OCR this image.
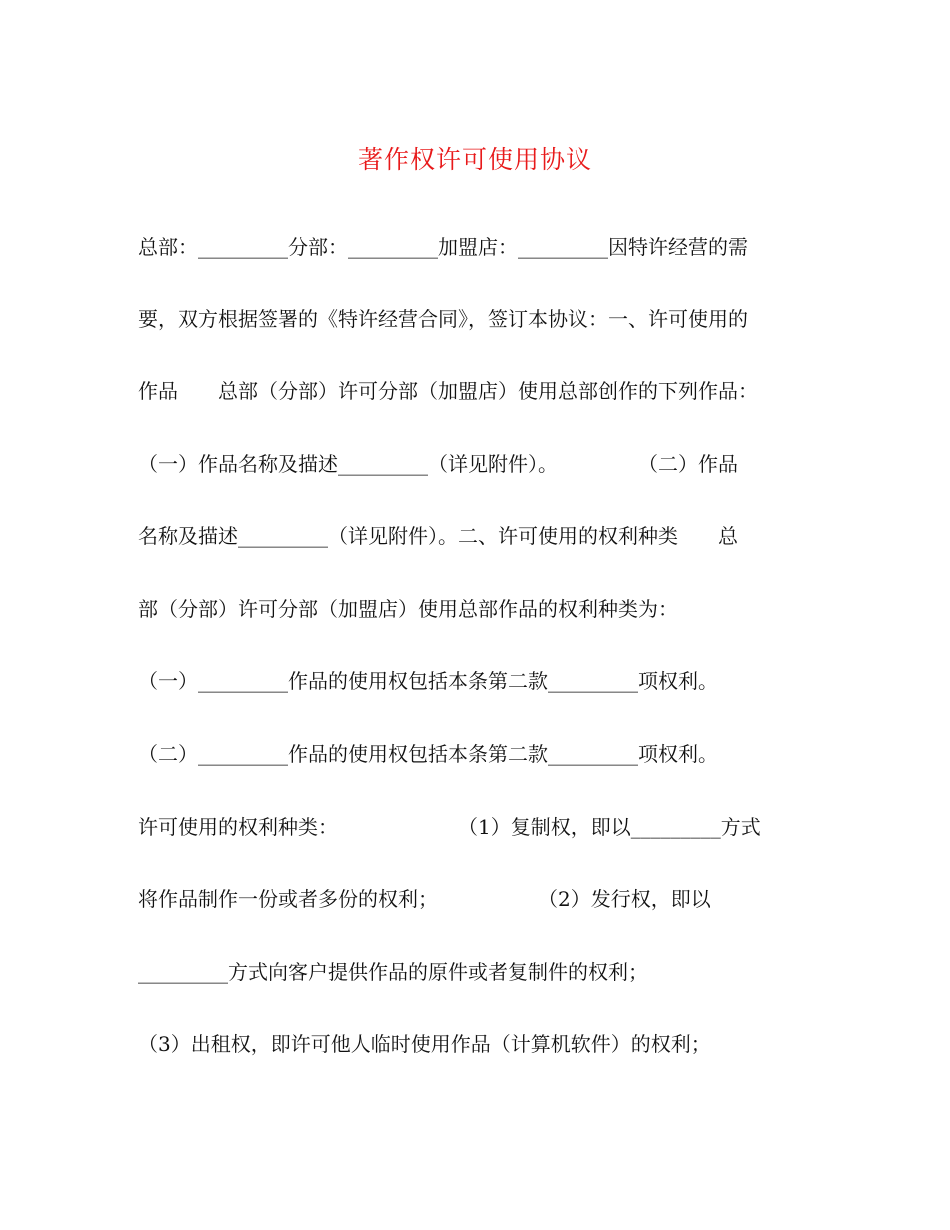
著作权许可使用协议
总部：_________分部：_________加盟店：_________因特许经营的需
要，双方根据签署的《特许经营合同》，签订本协议：一、许可使用的
作品　　总部（分部）许可分部（加盟店）使用总部创作的下列作品：
（一）作品名称及描述_________（详见附件）。　　　　　（二）作品
名称及描述_________（详见附件）。二、许可使用的权利种类　　总
部（分部）许可分部（加盟店）使用总部作品的权利种类为：
（一）_________作品的使用权包括本条第二款_________项权利。
（二）_________作品的使用权包括本条第二款_________项权利。
许可使用的权利种类：　　　　　　　（1）复制权，即以_________方式
将作品制作一份或者多份的权利；　　　　　　（2）发行权，即以
_________方式向客户提供作品的原件或者复制件的权利；
（3）出租权，即许可他人临时使用作品（计算机软件）的权利；
